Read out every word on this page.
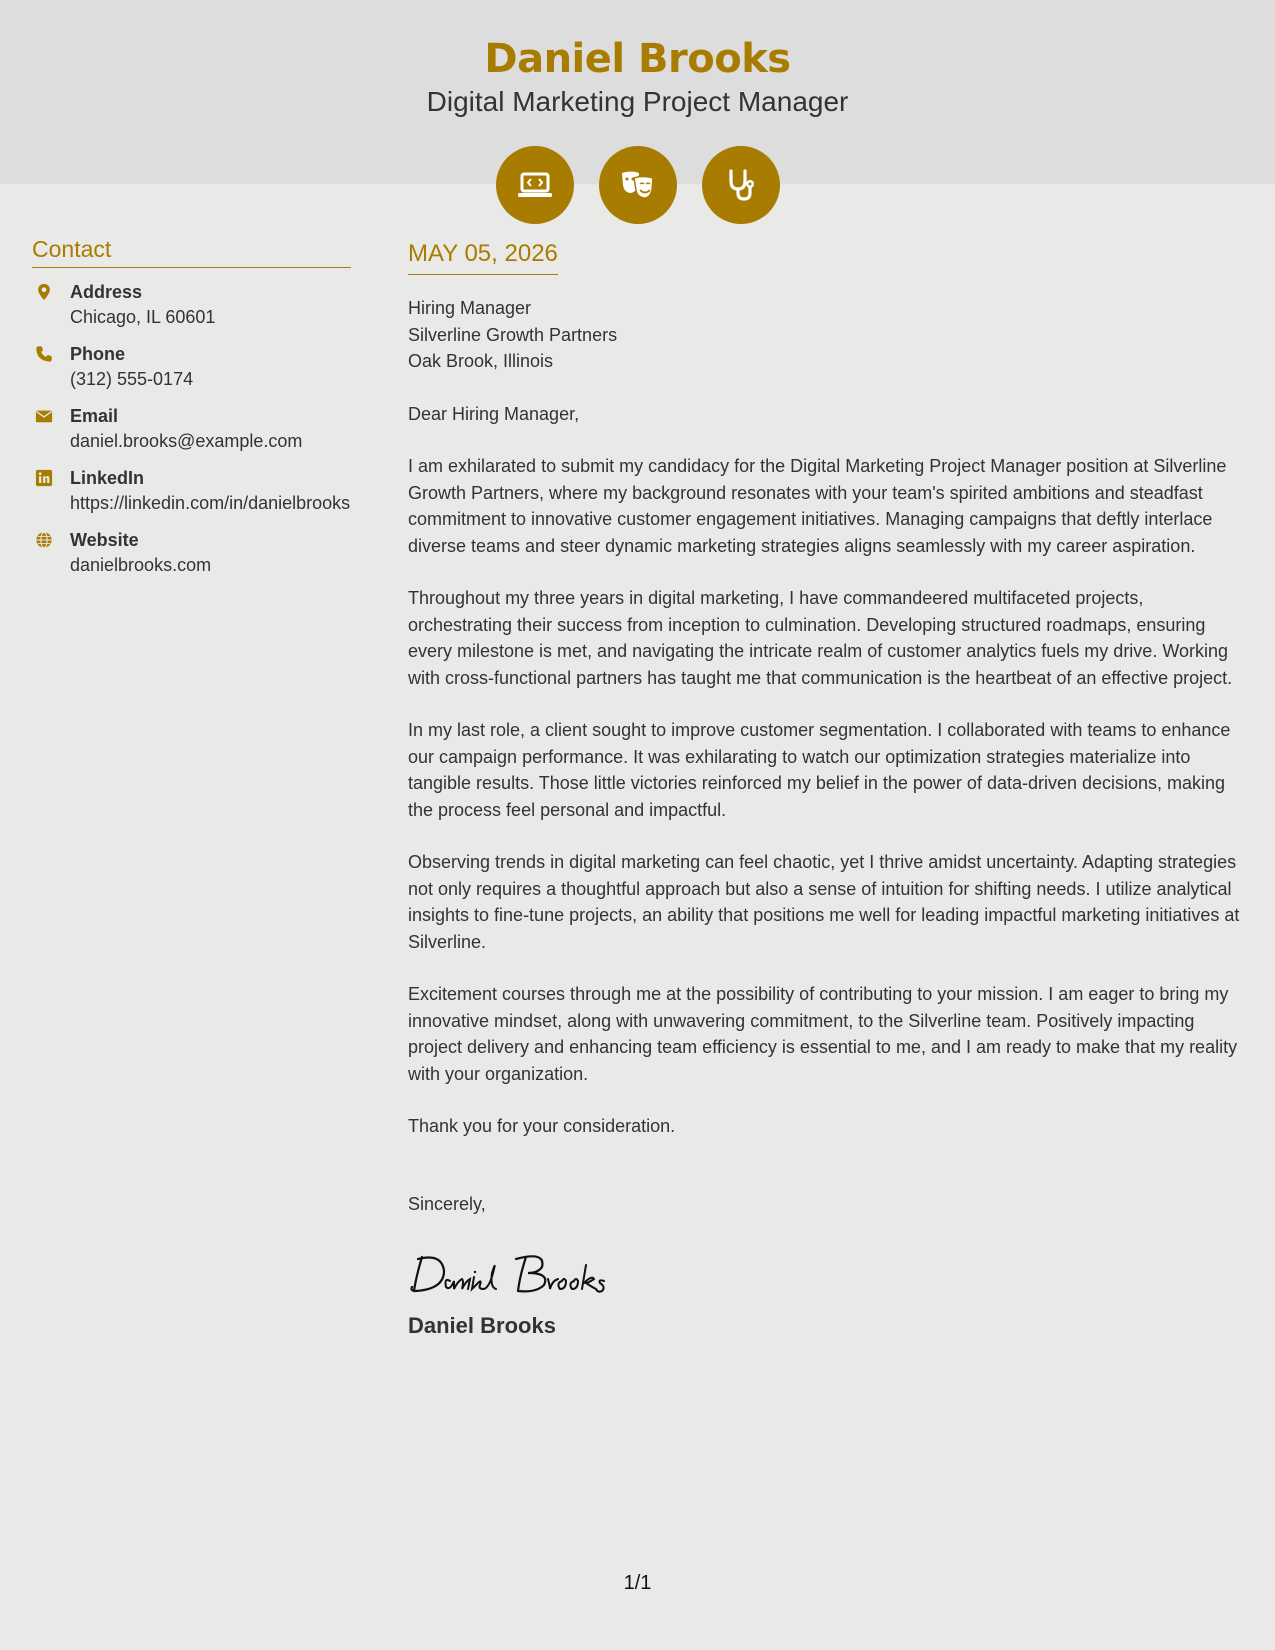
Daniel Brooks
Digital Marketing Project Manager
Contact
Address
Chicago, IL 60601
Phone
(312) 555-0174
Email
daniel.brooks@example.com
LinkedIn
https://linkedin.com/in/danielbrooks
Website
danielbrooks.com
MAY 05, 2026
Hiring Manager
Silverline Growth Partners
Oak Brook, Illinois
Dear Hiring Manager,
I am exhilarated to submit my candidacy for the Digital Marketing Project Manager position at Silverline Growth Partners, where my background resonates with your team's spirited ambitions and steadfast commitment to innovative customer engagement initiatives. Managing campaigns that deftly interlace diverse teams and steer dynamic marketing strategies aligns seamlessly with my career aspiration.
Throughout my three years in digital marketing, I have commandeered multifaceted projects, orchestrating their success from inception to culmination. Developing structured roadmaps, ensuring every milestone is met, and navigating the intricate realm of customer analytics fuels my drive. Working with cross-functional partners has taught me that communication is the heartbeat of an effective project.
In my last role, a client sought to improve customer segmentation. I collaborated with teams to enhance our campaign performance. It was exhilarating to watch our optimization strategies materialize into tangible results. Those little victories reinforced my belief in the power of data-driven decisions, making the process feel personal and impactful.
Observing trends in digital marketing can feel chaotic, yet I thrive amidst uncertainty. Adapting strategies not only requires a thoughtful approach but also a sense of intuition for shifting needs. I utilize analytical insights to fine-tune projects, an ability that positions me well for leading impactful marketing initiatives at Silverline.
Excitement courses through me at the possibility of contributing to your mission. I am eager to bring my innovative mindset, along with unwavering commitment, to the Silverline team. Positively impacting project delivery and enhancing team efficiency is essential to me, and I am ready to make that my reality with your organization.
Thank you for your consideration.
Sincerely,
Daniel Brooks
1/1
